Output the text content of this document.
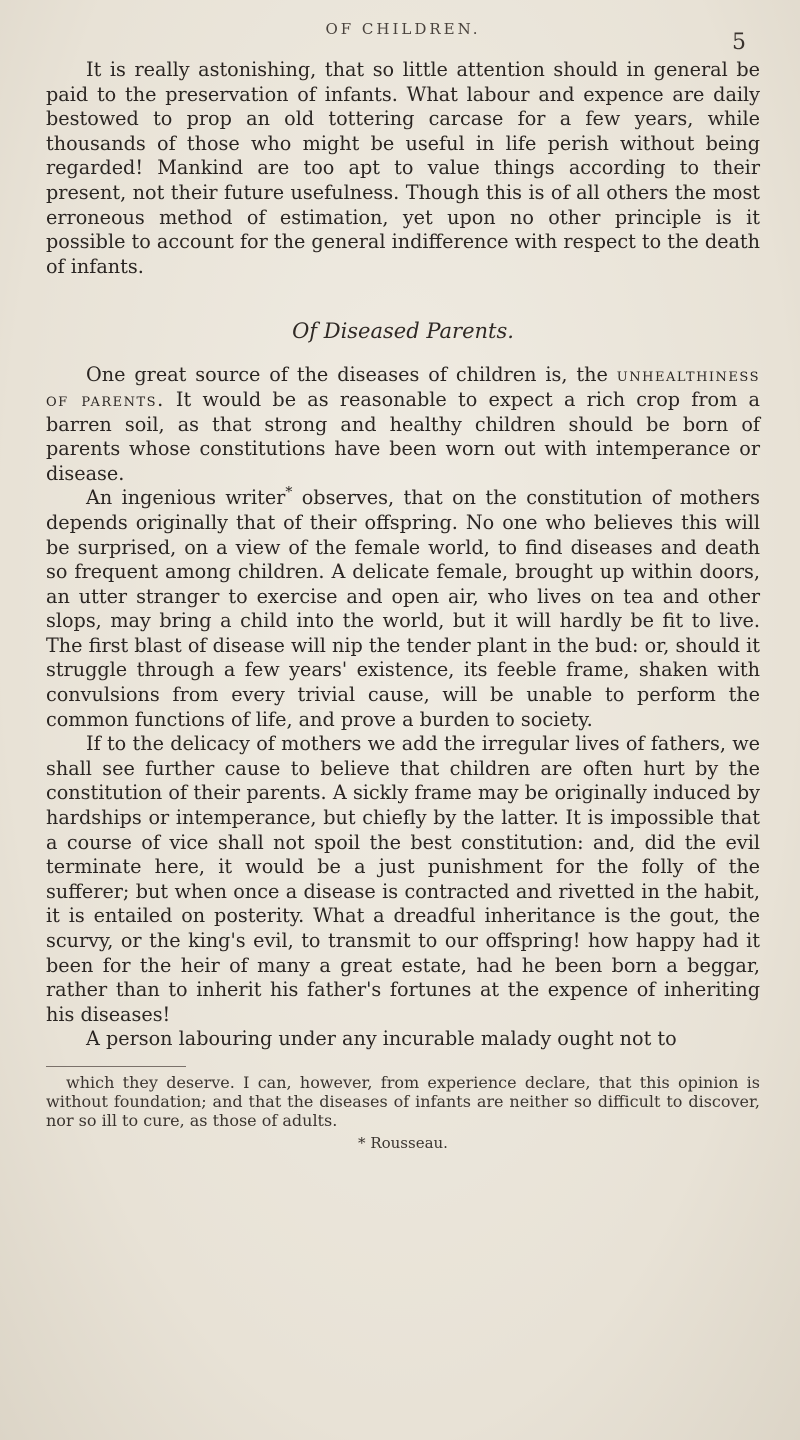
OF CHILDREN.
5

It is really astonishing, that so little attention should in general be paid to the preservation of infants. What labour and expence are daily bestowed to prop an old tottering carcase for a few years, while thousands of those who might be useful in life perish without being regarded! Mankind are too apt to value things according to their present, not their future usefulness. Though this is of all others the most erroneous method of estimation, yet upon no other principle is it possible to account for the general indifference with respect to the death of infants.

Of Diseased Parents.

One great source of the diseases of children is, the unhealthiness of parents. It would be as reasonable to expect a rich crop from a barren soil, as that strong and healthy children should be born of parents whose constitutions have been worn out with intemperance or disease.

An ingenious writer* observes, that on the constitution of mothers depends originally that of their offspring. No one who believes this will be surprised, on a view of the female world, to find diseases and death so frequent among children. A delicate female, brought up within doors, an utter stranger to exercise and open air, who lives on tea and other slops, may bring a child into the world, but it will hardly be fit to live. The first blast of disease will nip the tender plant in the bud: or, should it struggle through a few years' existence, its feeble frame, shaken with convulsions from every trivial cause, will be unable to perform the common functions of life, and prove a burden to society.

If to the delicacy of mothers we add the irregular lives of fathers, we shall see further cause to believe that children are often hurt by the constitution of their parents. A sickly frame may be originally induced by hardships or intemperance, but chiefly by the latter. It is impossible that a course of vice shall not spoil the best constitution: and, did the evil terminate here, it would be a just punishment for the folly of the sufferer; but when once a disease is contracted and rivetted in the habit, it is entailed on posterity. What a dreadful inheritance is the gout, the scurvy, or the king's evil, to transmit to our offspring! how happy had it been for the heir of many a great estate, had he been born a beggar, rather than to inherit his father's fortunes at the expence of inheriting his diseases!

A person labouring under any incurable malady ought not to

which they deserve. I can, however, from experience declare, that this opinion is without foundation; and that the diseases of infants are neither so difficult to discover, nor so ill to cure, as those of adults.

* Rousseau.
